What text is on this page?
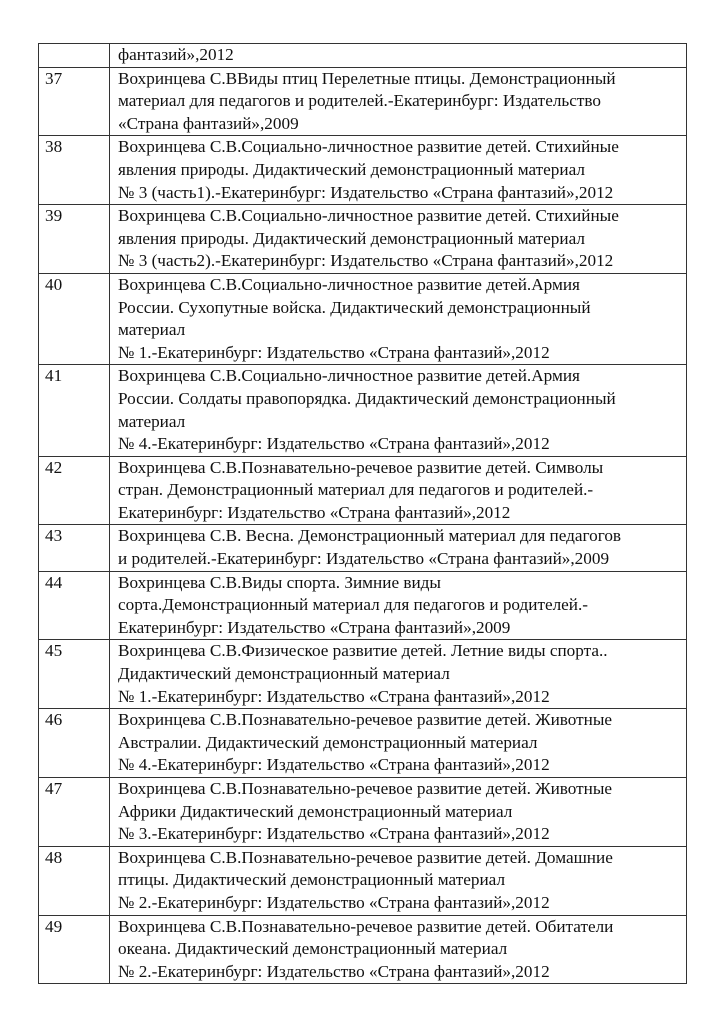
	фантазий»,2012

37	Вохринцева С.ВВиды птиц Перелетные птицы. Демонстрационный
материал для педагогов и родителей.-Екатеринбург: Издательство
«Страна фантазий»,2009

38	Вохринцева С.В.Социально-личностное развитие детей. Стихийные
явления природы. Дидактический демонстрационный материал
№ 3 (часть1).-Екатеринбург: Издательство «Страна фантазий»,2012

39	Вохринцева С.В.Социально-личностное развитие детей. Стихийные
явления природы. Дидактический демонстрационный материал
№ 3 (часть2).-Екатеринбург: Издательство «Страна фантазий»,2012

40	Вохринцева С.В.Социально-личностное развитие детей.Армия
России. Сухопутные войска. Дидактический демонстрационный
материал
№ 1.-Екатеринбург: Издательство «Страна фантазий»,2012

41	Вохринцева С.В.Социально-личностное развитие детей.Армия
России. Солдаты правопорядка. Дидактический демонстрационный
материал
№ 4.-Екатеринбург: Издательство «Страна фантазий»,2012

42	Вохринцева С.В.Познавательно-речевое развитие детей. Символы
стран. Демонстрационный материал для педагогов и родителей.-
Екатеринбург: Издательство «Страна фантазий»,2012

43	Вохринцева С.В. Весна. Демонстрационный материал для педагогов
и родителей.-Екатеринбург: Издательство «Страна фантазий»,2009

44	Вохринцева С.В.Виды спорта. Зимние виды
сорта.Демонстрационный материал для педагогов и родителей.-
Екатеринбург: Издательство «Страна фантазий»,2009

45	Вохринцева С.В.Физическое развитие детей. Летние виды спорта..
Дидактический демонстрационный материал
№ 1.-Екатеринбург: Издательство «Страна фантазий»,2012

46	Вохринцева С.В.Познавательно-речевое развитие детей. Животные
Австралии. Дидактический демонстрационный материал
№ 4.-Екатеринбург: Издательство «Страна фантазий»,2012

47	Вохринцева С.В.Познавательно-речевое развитие детей. Животные
Африки Дидактический демонстрационный материал
№ 3.-Екатеринбург: Издательство «Страна фантазий»,2012

48	Вохринцева С.В.Познавательно-речевое развитие детей. Домашние
птицы. Дидактический демонстрационный материал
№ 2.-Екатеринбург: Издательство «Страна фантазий»,2012

49	Вохринцева С.В.Познавательно-речевое развитие детей. Обитатели
океана. Дидактический демонстрационный материал
№ 2.-Екатеринбург: Издательство «Страна фантазий»,2012
